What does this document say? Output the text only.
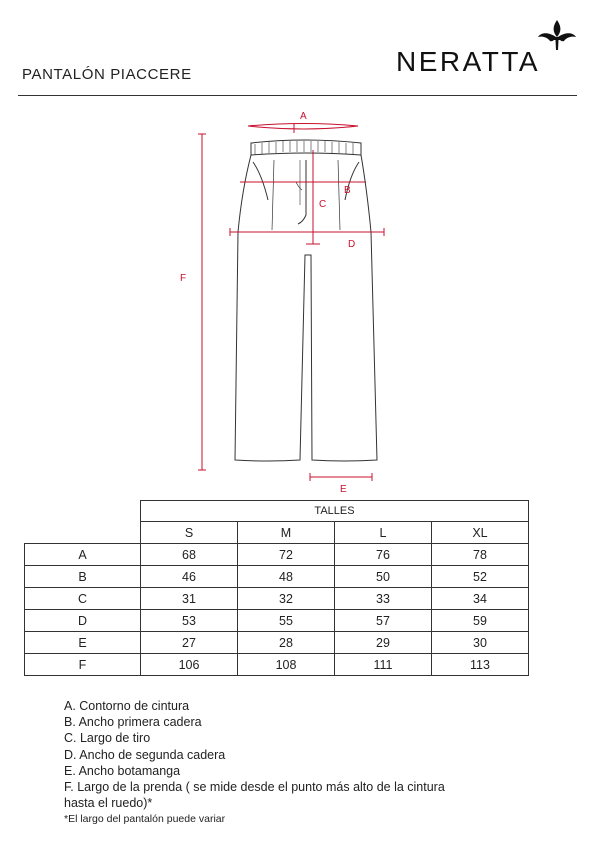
PANTALÓN PIACCERE	NERATTA
A
B
C
D
E
F
	TALLES			
	S	M	L	XL
A	68	72	76	78
B	46	48	50	52
C	31	32	33	34
D	53	55	57	59
E	27	28	29	30
F	106	108	111	113
A. Contorno de cintura
B. Ancho primera cadera
C. Largo de tiro
D. Ancho de segunda cadera
E. Ancho botamanga
F. Largo de la prenda ( se mide desde el punto más alto de la cintura
hasta el ruedo)*
*El largo del pantalón puede variar
